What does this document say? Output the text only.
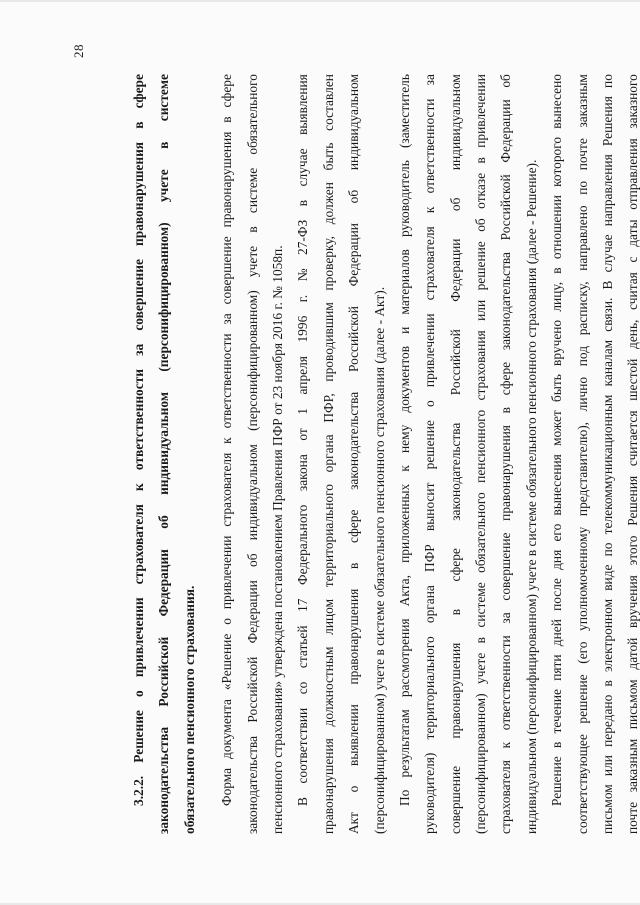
28
3.2.2.
Решение
о
привлечении
страхователя
к
ответственности
за
совершение
правонарушения
в
сфере
законодательства
Российской
Федерации
об
индивидуальном
(персонифицированном)
учете
в
системе
обязательного пенсионного страхования.	Форма
документа
«Решение
о
привлечении
страхователя
к
ответственности
за
совершение
правонарушения
в
сфере
законодательства
Российской
Федерации
об
индивидуальном
(персонифицированном)
учете
в
системе
обязательного
пенсионного страхования» утверждена постановлением Правления ПФР от 23 ноября 2016 г. № 1058п. В
соответствии
со
статьей
17
Федерального
закона
от
1
апреля
1996
г.
№
27-ФЗ
в
случае
выявления
правонарушения
должностным
лицом
территориального
органа
ПФР,
проводившим
проверку,
должен
быть
составлен
Акт
о
выявлении
правонарушения
в
сфере
законодательства
Российской
Федерации
об
индивидуальном
(персонифицированном) учете в системе обязательного пенсионного страхования (далее - Акт). По
результатам
рассмотрения
Акта,
приложенных
к
нему
документов
и
материалов
руководитель
(заместитель
руководителя)
территориального
органа
ПФР
выносит
решение
о
привлечении
страхователя
к
ответственности
за
совершение
правонарушения
в
сфере
законодательства
Российской
Федерации
об
индивидуальном
(персонифицированном)
учете
в
системе
обязательного
пенсионного
страхования
или
решение
об
отказе
в
привлечении
страхователя
к
ответственности
за
совершение
правонарушения
в
сфере
законодательства
Российской
Федерации
об
индивидуальном (персонифицированном) учете в системе обязательного пенсионного страхования (далее - Решение). Решение
в
течение
пяти
дней
после
дня
его
вынесения
может
быть
вручено
лицу,
в
отношении
которого
вынесено
соответствующее
решение
(его
уполномоченному
представителю),
лично
под
расписку,
направлено
по
почте
заказным
письмом
или
передано
в
электронном
виде
по
телекоммуникационным
каналам
связи.
В
случае
направления
Решения
по
почте
заказным
письмом
датой
вручения
этого
Решения
считается
шестой
день,
считая
с
даты
отправления
заказного
